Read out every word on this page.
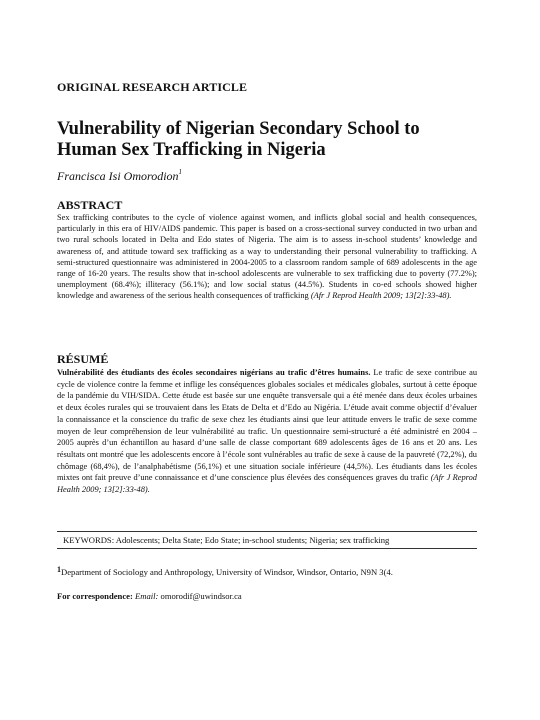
ORIGINAL RESEARCH ARTICLE
Vulnerability of Nigerian Secondary School to Human Sex Trafficking in Nigeria
Francisca Isi Omorodion$^1$
ABSTRACT

Sex trafficking contributes to the cycle of violence against women, and inflicts global social and health consequences, particularly in this era of HIV/AIDS pandemic. This paper is based on a cross-sectional survey conducted in two urban and two rural schools located in Delta and Edo states of Nigeria. The aim is to assess in-school students’ knowledge and awareness of, and attitude toward sex trafficking as a way to understanding their personal vulnerability to trafficking. A semi-structured questionnaire was administered in 2004-2005 to a classroom random sample of 689 adolescents in the age range of 16-20 years. The results show that in-school adolescents are vulnerable to sex trafficking due to poverty (77.2%); unemployment (68.4%); illiteracy (56.1%); and low social status (44.5%). Students in co-ed schools showed higher knowledge and awareness of the serious health consequences of trafficking (Afr J Reprod Health 2009; 13[2]:33-48).

RÉSUMÉ

Vulnérabilité des étudiants des écoles secondaires nigérians au trafic d’êtres humains. Le trafic de sexe contribue au cycle de violence contre la femme et inflige les conséquences globales sociales et médicales globales, surtout à cette époque de la pandémie du VIH/SIDA. Cette étude est basée sur une enquête transversale qui a été menée dans deux écoles urbaines et deux écoles rurales qui se trouvaient dans les Etats de Delta et d’Edo au Nigéria. L’étude avait comme objectif d’évaluer la connaissance et la conscience du trafic de sexe chez les étudiants ainsi que leur attitude envers le trafic de sexe comme moyen de leur compréhension de leur vulnérabilité au trafic. Un questionnaire semi-structuré a été administré en 2004 – 2005 auprès d’un échantillon au hasard d’une salle de classe comportant 689 adolescents âges de 16 ans et 20 ans. Les résultats ont montré que les adolescents encore à l’école sont vulnérables au trafic de sexe à cause de la pauvreté (72,2%), du chômage (68,4%), de l’analphabétisme (56,1%) et une situation sociale inférieure (44,5%). Les étudiants dans les écoles mixtes ont fait preuve d’une connaissance et d’une conscience plus élevées des conséquences graves du trafic (Afr J Reprod Health 2009; 13[2]:33-48).

KEYWORDS: Adolescents; Delta State; Edo State; in-school students; Nigeria; sex trafficking
$^1$Department of Sociology and Anthropology, University of Windsor, Windsor, Ontario, N9N 3(4.
For correspondence: Email: omorodif@uwindsor.ca
